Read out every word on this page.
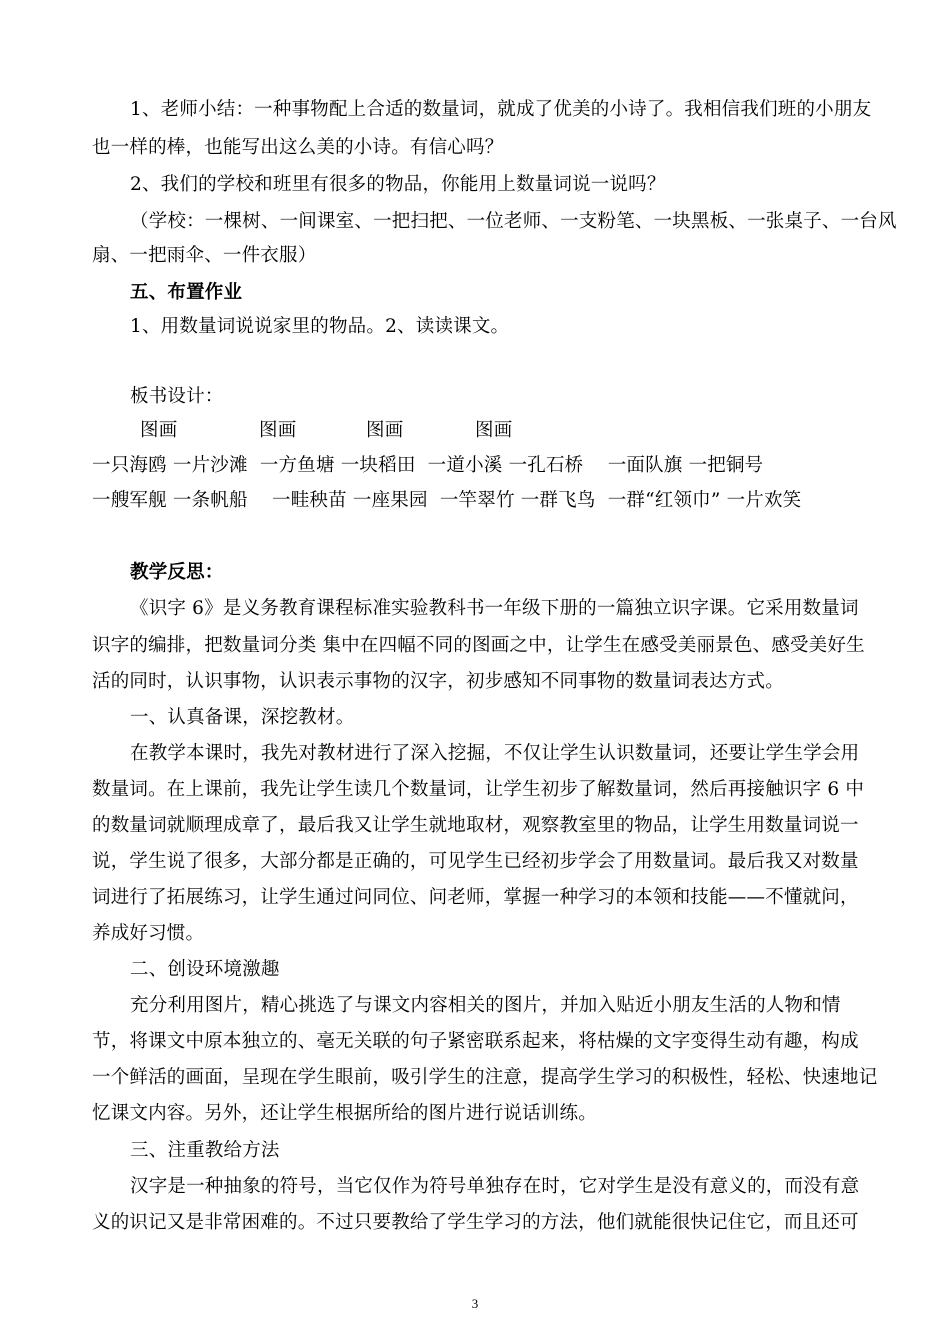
1、老师小结：一种事物配上合适的数量词，就成了优美的小诗了。我相信我们班的小朋友
也一样的棒，也能写出这么美的小诗。有信心吗？
2、我们的学校和班里有很多的物品，你能用上数量词说一说吗？
（学校：一棵树、一间课室、一把扫把、一位老师、一支粉笔、一块黑板、一张桌子、一台风
扇、一把雨伞、一件衣服）
五、布置作业
1、用数量词说说家里的物品。2、读读课文。
板书设计：
图画	图画	图画	图画
一只海鸥 一片沙滩  一方鱼塘 一块稻田  一道小溪 一孔石桥    一面队旗 一把铜号
一艘军舰 一条帆船    一畦秧苗 一座果园  一竿翠竹 一群飞鸟  一群“红领巾” 一片欢笑
教学反思：
《识字 6》是义务教育课程标准实验教科书一年级下册的一篇独立识字课。它采用数量词
识字的编排，把数量词分类 集中在四幅不同的图画之中，让学生在感受美丽景色、感受美好生
活的同时，认识事物，认识表示事物的汉字，初步感知不同事物的数量词表达方式。
一、认真备课，深挖教材。
在教学本课时，我先对教材进行了深入挖掘，不仅让学生认识数量词，还要让学生学会用
数量词。在上课前，我先让学生读几个数量词，让学生初步了解数量词，然后再接触识字 6 中
的数量词就顺理成章了，最后我又让学生就地取材，观察教室里的物品，让学生用数量词说一
说，学生说了很多，大部分都是正确的，可见学生已经初步学会了用数量词。最后我又对数量
词进行了拓展练习，让学生通过问同位、问老师，掌握一种学习的本领和技能——不懂就问，
养成好习惯。
二、创设环境激趣
充分利用图片，精心挑选了与课文内容相关的图片，并加入贴近小朋友生活的人物和情
节，将课文中原本独立的、毫无关联的句子紧密联系起来，将枯燥的文字变得生动有趣，构成
一个鲜活的画面，呈现在学生眼前，吸引学生的注意，提高学生学习的积极性，轻松、快速地记
忆课文内容。另外，还让学生根据所给的图片进行说话训练。
三、注重教给方法
汉字是一种抽象的符号，当它仅作为符号单独存在时，它对学生是没有意义的，而没有意
义的识记又是非常困难的。不过只要教给了学生学习的方法，他们就能很快记住它，而且还可
3
